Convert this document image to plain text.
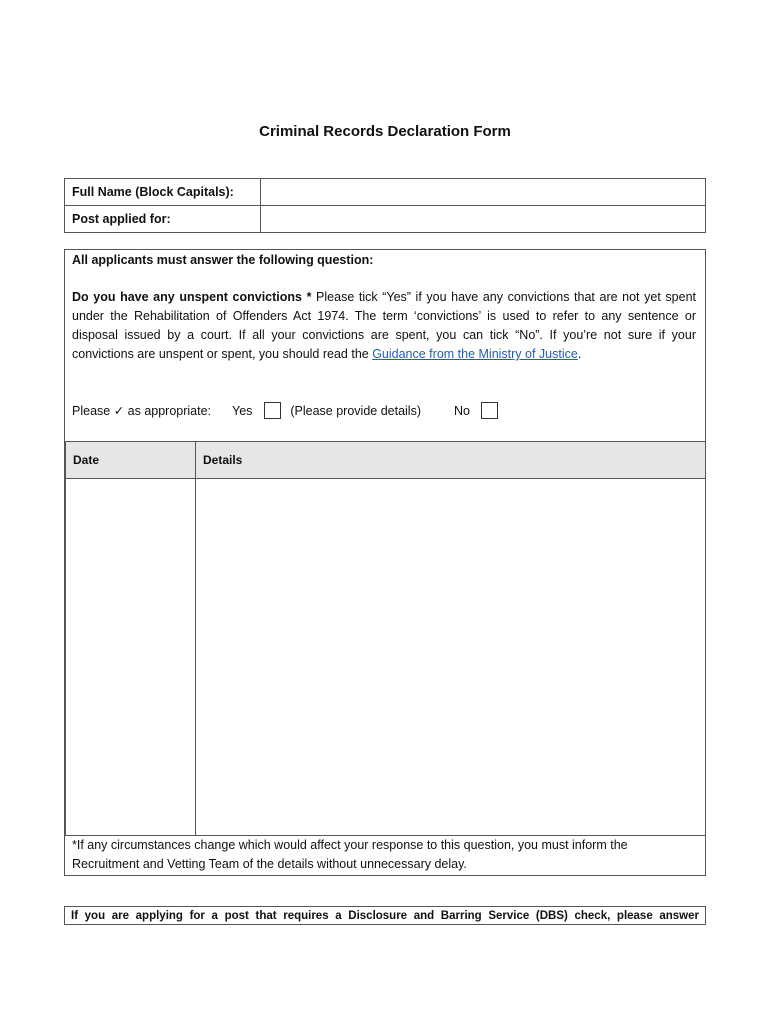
Criminal Records Declaration Form
Full Name (Block Capitals):	
Post applied for:	
All applicants must answer the following question:
Do you have any unspent convictions * Please tick “Yes” if you have any convictions that are not yet spent under the Rehabilitation of Offenders Act 1974. The term ‘convictions’ is used to refer to any sentence or disposal issued by a court. If all your convictions are spent, you can tick “No”. If you’re not sure if your convictions are unspent or spent, you should read the Guidance from the Ministry of Justice.
Please ✓ as appropriate: Yes	(Please provide details)	No
Date	Details

*If any circumstances change which would affect your response to this question, you must inform the Recruitment and Vetting Team of the details without unnecessary delay.
If you are applying for a post that requires a Disclosure and Barring Service (DBS) check, please answer
